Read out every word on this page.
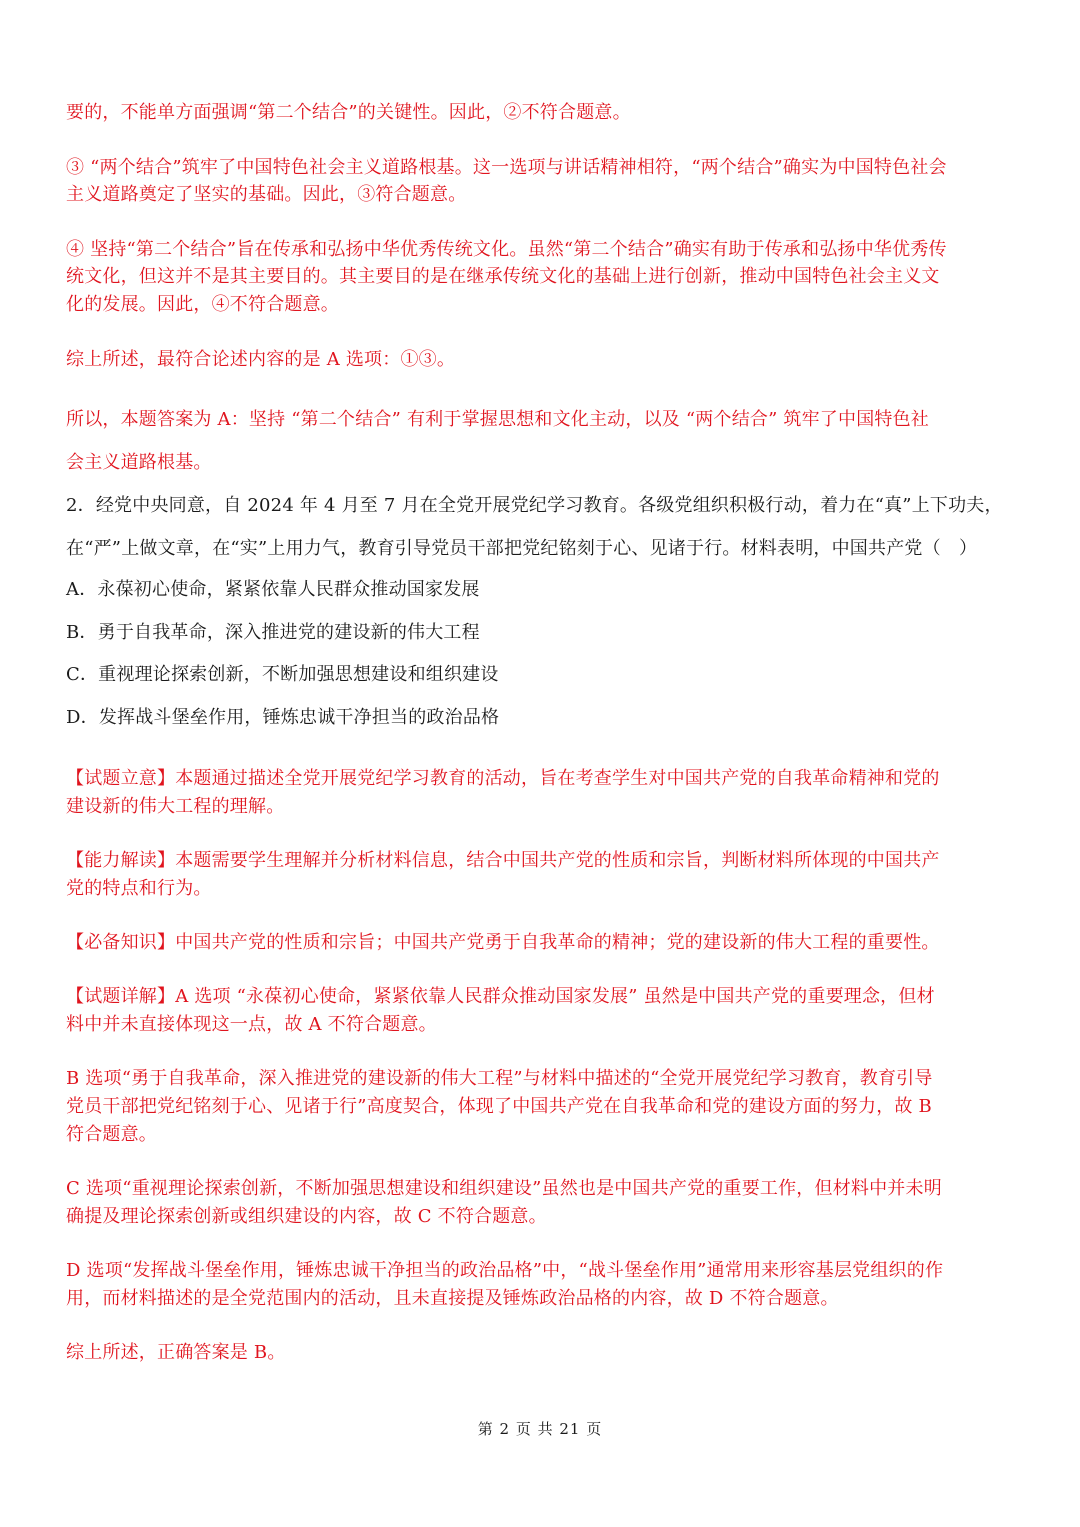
要的，不能单方面强调“第二个结合”的关键性。因此，②不符合题意。
③ “两个结合”筑牢了中国特色社会主义道路根基。这一选项与讲话精神相符，“两个结合”确实为中国特色社会
主义道路奠定了坚实的基础。因此，③符合题意。
④ 坚持“第二个结合”旨在传承和弘扬中华优秀传统文化。虽然“第二个结合”确实有助于传承和弘扬中华优秀传
统文化，但这并不是其主要目的。其主要目的是在继承传统文化的基础上进行创新，推动中国特色社会主义文
化的发展。因此，④不符合题意。
综上所述，最符合论述内容的是 A 选项：①③。
所以，本题答案为 A：坚持 “第二个结合” 有利于掌握思想和文化主动，以及 “两个结合” 筑牢了中国特色社
会主义道路根基。
2．经党中央同意，自 2024 年 4 月至 7 月在全党开展党纪学习教育。各级党组织积极行动，着力在“真”上下功夫，
在“严”上做文章，在“实”上用力气，教育引导党员干部把党纪铭刻于心、见诸于行。材料表明，中国共产党（　）
A．永葆初心使命，紧紧依靠人民群众推动国家发展
B．勇于自我革命，深入推进党的建设新的伟大工程
C．重视理论探索创新，不断加强思想建设和组织建设
D．发挥战斗堡垒作用，锤炼忠诚干净担当的政治品格
【试题立意】本题通过描述全党开展党纪学习教育的活动，旨在考查学生对中国共产党的自我革命精神和党的
建设新的伟大工程的理解。
【能力解读】本题需要学生理解并分析材料信息，结合中国共产党的性质和宗旨，判断材料所体现的中国共产
党的特点和行为。
【必备知识】中国共产党的性质和宗旨；中国共产党勇于自我革命的精神；党的建设新的伟大工程的重要性。
【试题详解】A 选项 “永葆初心使命，紧紧依靠人民群众推动国家发展” 虽然是中国共产党的重要理念，但材
料中并未直接体现这一点，故 A 不符合题意。
B 选项“勇于自我革命，深入推进党的建设新的伟大工程”与材料中描述的“全党开展党纪学习教育，教育引导
党员干部把党纪铭刻于心、见诸于行”高度契合，体现了中国共产党在自我革命和党的建设方面的努力，故 B
符合题意。
C 选项“重视理论探索创新，不断加强思想建设和组织建设”虽然也是中国共产党的重要工作，但材料中并未明
确提及理论探索创新或组织建设的内容，故 C 不符合题意。
D 选项“发挥战斗堡垒作用，锤炼忠诚干净担当的政治品格”中，“战斗堡垒作用”通常用来形容基层党组织的作
用，而材料描述的是全党范围内的活动，且未直接提及锤炼政治品格的内容，故 D 不符合题意。
综上所述，正确答案是 B。
第 2 页 共 21 页
